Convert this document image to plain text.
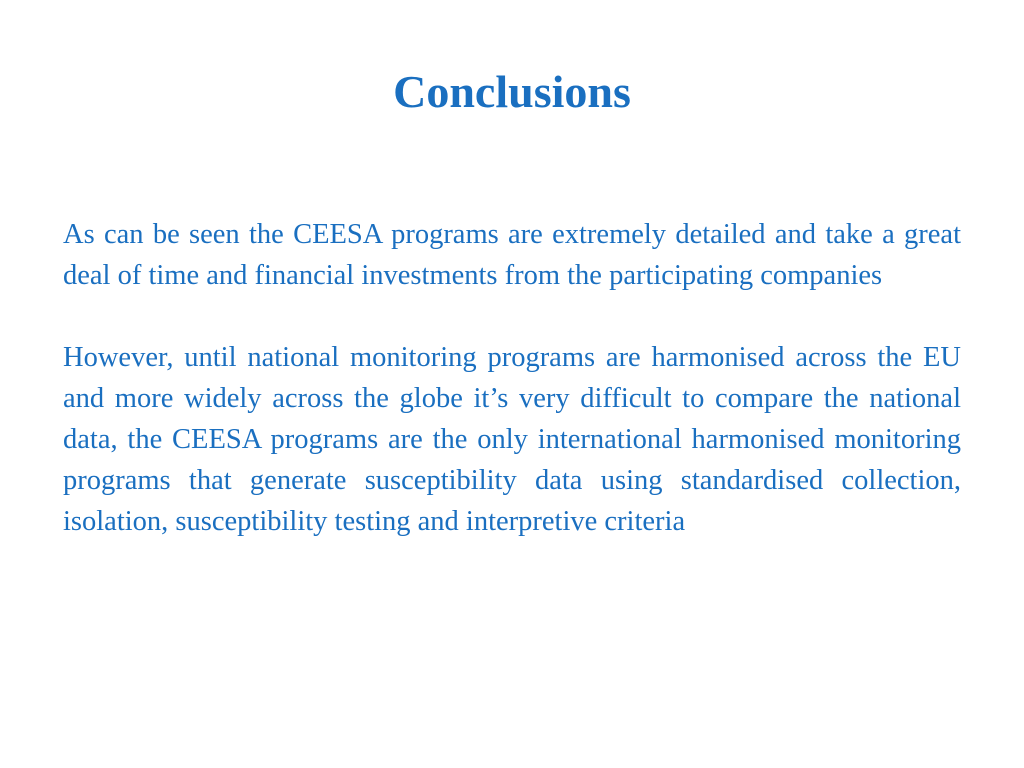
Conclusions

As can be seen the CEESA programs are extremely detailed and take a great deal of time and financial investments from the participating companies

However, until national monitoring programs are harmonised across the EU and more widely across the globe it’s very difficult to compare the national data, the CEESA programs are the only international harmonised monitoring programs that generate susceptibility data using standardised collection, isolation, susceptibility testing and interpretive criteria
